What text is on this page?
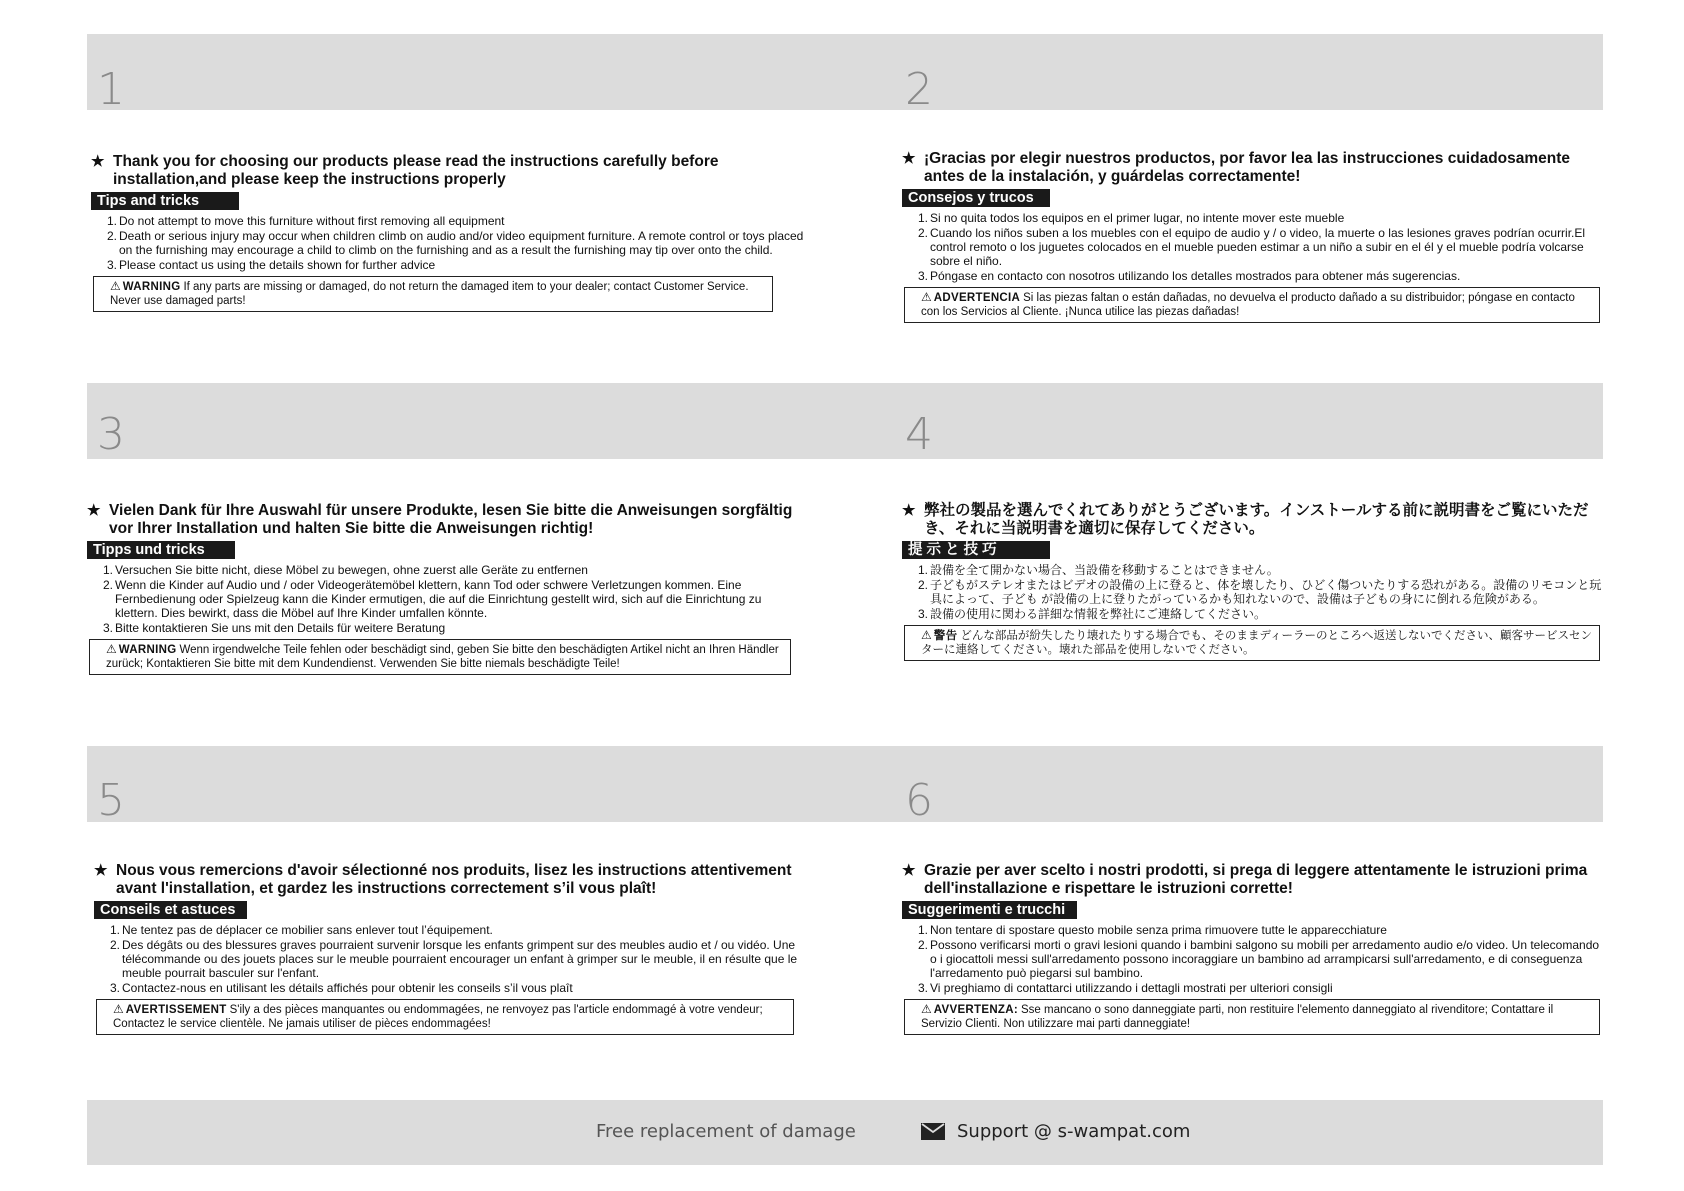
1	2
3	4
5	6
★ Thank you for choosing our products please read the instructions carefully before installation,and please keep the instructions properly
Tips and tricks
1. Do not attempt to move this furniture without first removing all equipment
2. Death or serious injury may occur when children climb on audio and/or video equipment furniture. A remote control or toys placed on the furnishing may encourage a child to climb on the furnishing and as a result the furnishing may tip over onto the child.
3. Please contact us using the details shown for further advice
⚠ WARNING If any parts are missing or damaged, do not return the damaged item to your dealer; contact Customer Service. Never use damaged parts!
★ ¡Gracias por elegir nuestros productos, por favor lea las instrucciones cuidadosamente antes de la instalación, y guárdelas correctamente!
Consejos y trucos
1. Si no quita todos los equipos en el primer lugar, no intente mover este mueble
2. Cuando los niños suben a los muebles con el equipo de audio y / o video, la muerte o las lesiones graves podrían ocurrir.El control remoto o los juguetes colocados en el mueble pueden estimar a un niño a subir en el él y el mueble podría volcarse sobre el niño.
3. Póngase en contacto con nosotros utilizando los detalles mostrados para obtener más sugerencias.
⚠ ADVERTENCIA Si las piezas faltan o están dañadas, no devuelva el producto dañado a su distribuidor; póngase en contacto con los Servicios al Cliente. ¡Nunca utilice las piezas dañadas!
★ Vielen Dank für Ihre Auswahl für unsere Produkte, lesen Sie bitte die Anweisungen sorgfältig vor Ihrer Installation und halten Sie bitte die Anweisungen richtig!
Tipps und tricks
1. Versuchen Sie bitte nicht, diese Möbel zu bewegen, ohne zuerst alle Geräte zu entfernen
2. Wenn die Kinder auf Audio und / oder Videogerätemöbel klettern, kann Tod oder schwere Verletzungen kommen. Eine Fernbedienung oder Spielzeug kann die Kinder ermutigen, die auf die Einrichtung gestellt wird, sich auf die Einrichtung zu klettern. Dies bewirkt, dass die Möbel auf Ihre Kinder umfallen könnte.
3. Bitte kontaktieren Sie uns mit den Details für weitere Beratung
⚠ WARNING Wenn irgendwelche Teile fehlen oder beschädigt sind, geben Sie bitte den beschädigten Artikel nicht an Ihren Händler zurück; Kontaktieren Sie bitte mit dem Kundendienst. Verwenden Sie bitte niemals beschädigte Teile!
★ 弊社の製品を選んでくれてありがとうございます。インストールする前に説明書をご覧にいただき、それに当説明書を適切に保存してください。
提 示 と 技 巧
1. 設備を全て開かない場合、当設備を移動することはできません。
2. 子どもがステレオまたはビデオの設備の上に登ると、体を壊したり、ひどく傷ついたりする恐れがある。設備のリモコンと玩具によって、子ども が設備の上に登りたがっているかも知れないので、設備は子どもの身にに倒れる危険がある。
3. 設備の使用に関わる詳細な情報を弊社にご連絡してください。
⚠ 警告 どんな部品が紛失したり壊れたりする場合でも、そのままディーラーのところへ返送しないでください、顧客サービスセンターに連絡してください。壊れた部品を使用しないでください。
★ Nous vous remercions d'avoir sélectionné nos produits, lisez les instructions attentivement avant l'installation, et gardez les instructions correctement s’il vous plaît!
Conseils et astuces
1. Ne tentez pas de déplacer ce mobilier sans enlever tout l’équipement.
2. Des dégâts ou des blessures graves pourraient survenir lorsque les enfants grimpent sur des meubles audio et / ou vidéo. Une télécommande ou des jouets places sur le meuble pourraient encourager un enfant à grimper sur le meuble, il en résulte que le meuble pourrait basculer sur l'enfant.
3. Contactez-nous en utilisant les détails affichés pour obtenir les conseils s’il vous plaît
⚠ AVERTISSEMENT S'ily a des pièces manquantes ou endommagées, ne renvoyez pas l'article endommagé à votre vendeur; Contactez le service clientèle. Ne jamais utiliser de pièces endommagées!
★ Grazie per aver scelto i nostri prodotti, si prega di leggere attentamente le istruzioni prima dell'installazione e rispettare le istruzioni corrette!
Suggerimenti e trucchi
1. Non tentare di spostare questo mobile senza prima rimuovere tutte le apparecchiature
2. Possono verificarsi morti o gravi lesioni quando i bambini salgono su mobili per arredamento audio e/o video. Un telecomando o i giocattoli messi sull'arredamento possono incoraggiare un bambino ad arrampicarsi sull'arredamento, e di conseguenza l'arredamento può piegarsi sul bambino.
3. Vi preghiamo di contattarci utilizzando i dettagli mostrati per ulteriori consigli
⚠ AVVERTENZA: Sse mancano o sono danneggiate parti, non restituire l'elemento danneggiato al rivenditore; Contattare il Servizio Clienti. Non utilizzare mai parti danneggiate!
Free replacement of damage	Support @ s-wampat.com
